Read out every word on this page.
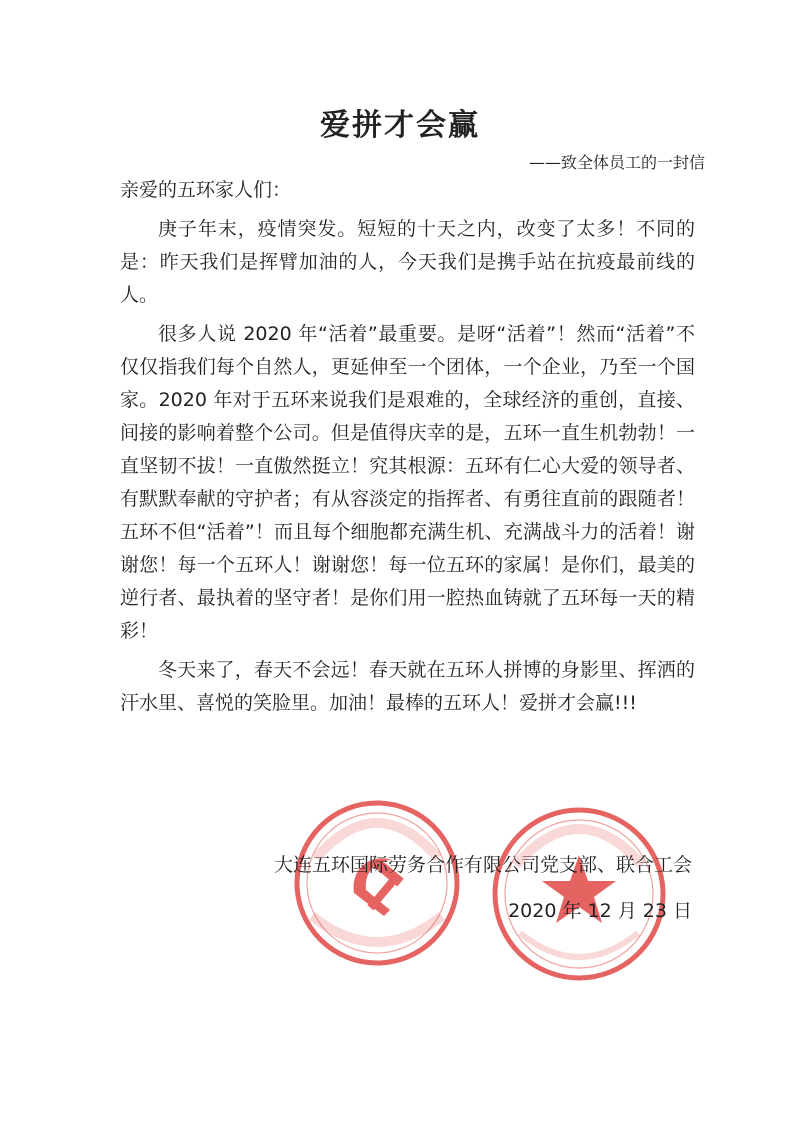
爱拼才会赢
——致全体员工的一封信
亲爱的五环家人们：

庚子年末，疫情突发。短短的十天之内，改变了太多！不同的是：昨天我们是挥臂加油的人，今天我们是携手站在抗疫最前线的人。

很多人说 2020 年“活着”最重要。是呀“活着”！然而“活着”不仅仅指我们每个自然人，更延伸至一个团体，一个企业，乃至一个国家。2020 年对于五环来说我们是艰难的，全球经济的重创，直接、间接的影响着整个公司。但是值得庆幸的是，五环一直生机勃勃！一直坚韧不拔！一直傲然挺立！究其根源：五环有仁心大爱的领导者、有默默奉献的守护者；有从容淡定的指挥者、有勇往直前的跟随者！五环不但“活着”！而且每个细胞都充满生机、充满战斗力的活着！谢谢您！每一个五环人！谢谢您！每一位五环的家属！是你们，最美的逆行者、最执着的坚守者！是你们用一腔热血铸就了五环每一天的精彩！

冬天来了，春天不会远！春天就在五环人拼博的身影里、挥洒的汗水里、喜悦的笑脸里。加油！最棒的五环人！爱拼才会赢!!!

大连五环国际劳务合作有限公司党支部、联合工会
2020 年 12 月 23 日
